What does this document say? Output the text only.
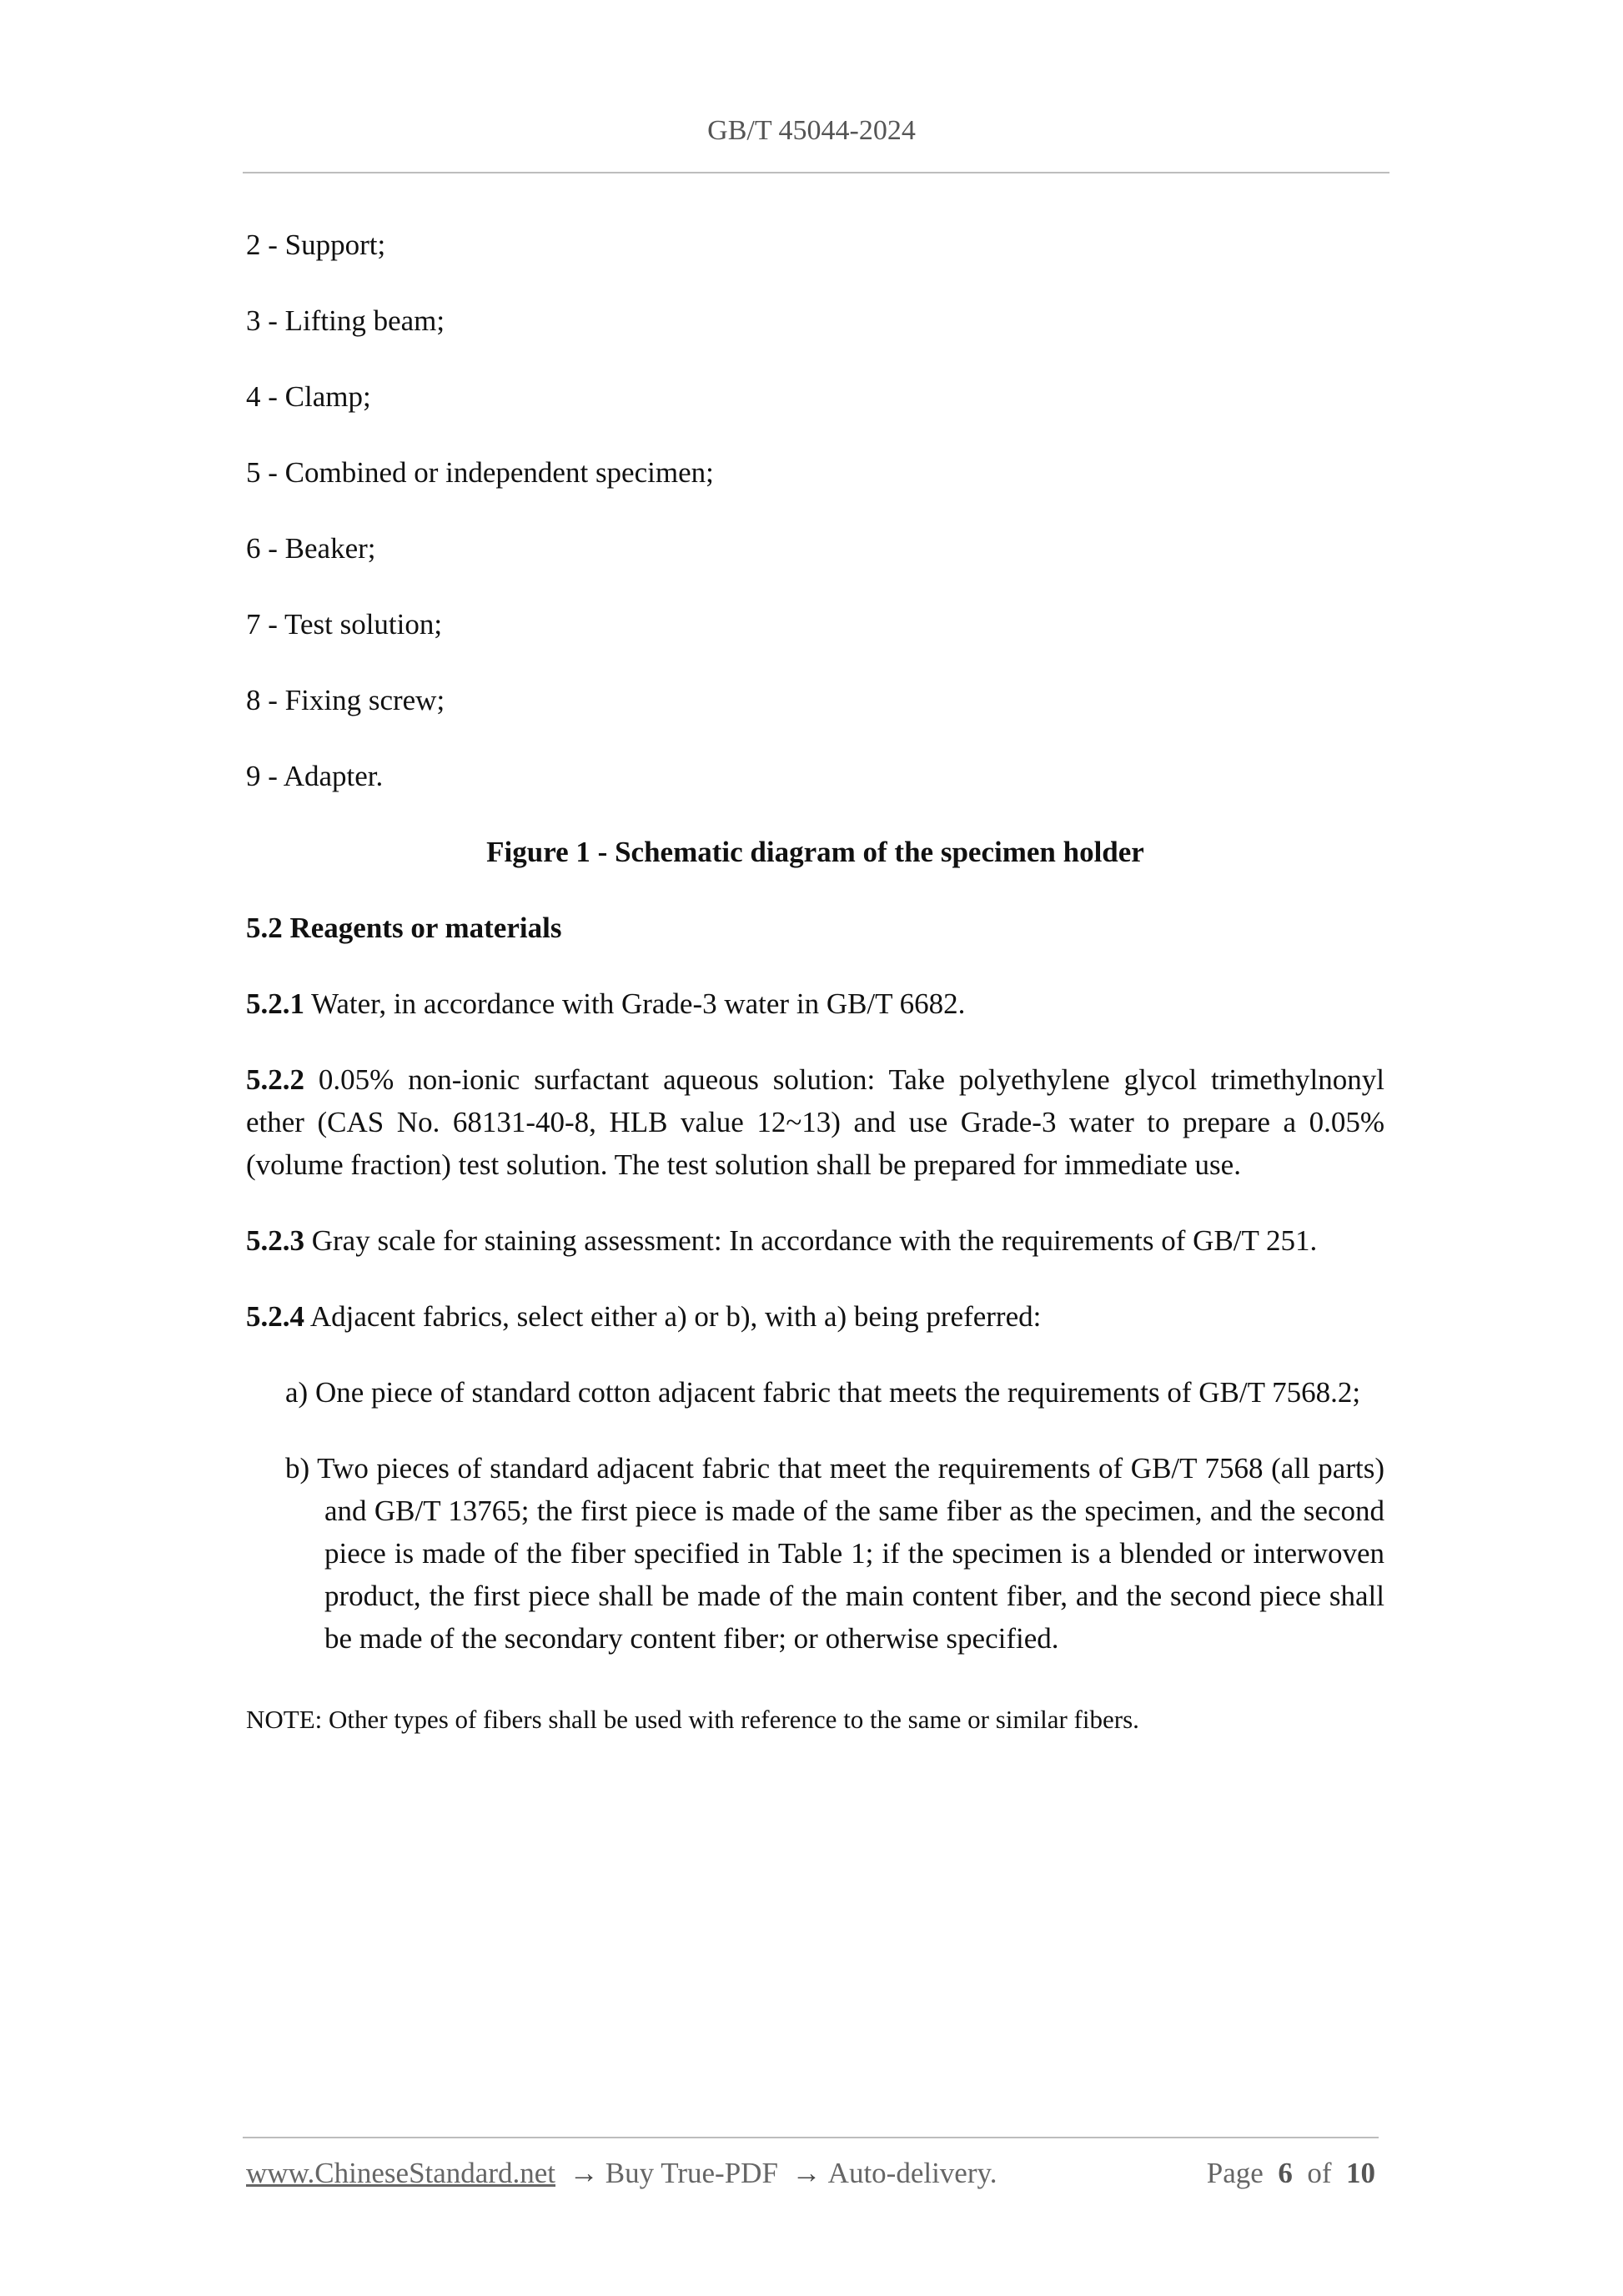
GB/T 45044-2024
2 - Support;
3 - Lifting beam;
4 - Clamp;
5 - Combined or independent specimen;
6 - Beaker;
7 - Test solution;
8 - Fixing screw;
9 - Adapter.
Figure 1 - Schematic diagram of the specimen holder
5.2 Reagents or materials
5.2.1 Water, in accordance with Grade-3 water in GB/T 6682.
5.2.2 0.05% non-ionic surfactant aqueous solution: Take polyethylene glycol trimethylnonyl ether (CAS No. 68131-40-8, HLB value 12~13) and use Grade-3 water to prepare a 0.05% (volume fraction) test solution. The test solution shall be prepared for immediate use.
5.2.3 Gray scale for staining assessment: In accordance with the requirements of GB/T 251.
5.2.4 Adjacent fabrics, select either a) or b), with a) being preferred:
a) One piece of standard cotton adjacent fabric that meets the requirements of GB/T 7568.2;
b) Two pieces of standard adjacent fabric that meet the requirements of GB/T 7568 (all parts) and GB/T 13765; the first piece is made of the same fiber as the specimen, and the second piece is made of the fiber specified in Table 1; if the specimen is a blended or interwoven product, the first piece shall be made of the main content fiber, and the second piece shall be made of the secondary content fiber; or otherwise specified.
NOTE: Other types of fibers shall be used with reference to the same or similar fibers.
www.ChineseStandard.net → Buy True-PDF → Auto-delivery.	Page 6 of 10
